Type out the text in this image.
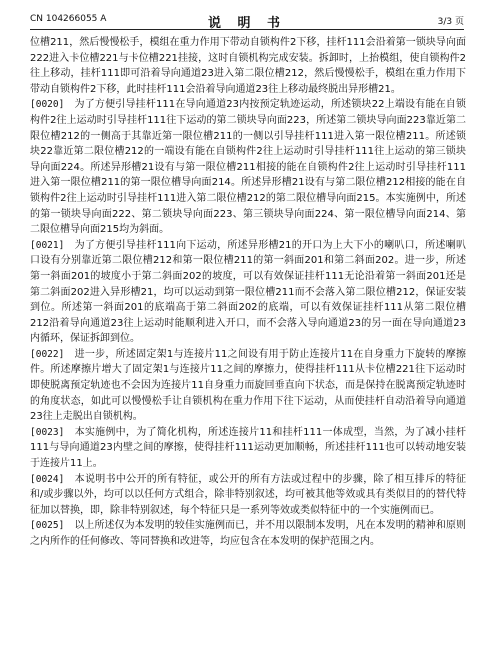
CN 104266055 A	说 明 书	3/3 页

位槽211，然后慢慢松手，模组在重力作用下带动自锁构件2下移，挂杆111会沿着第一锁块导向面222进入卡位槽221与卡位槽221挂接，这时自锁机构完成安装。拆卸时，上抬模组，使自锁构件2往上移动，挂杆111即可沿着导向通道23进入第二限位槽212，然后慢慢松手，模组在重力作用下带动自锁构件2下移，此时挂杆111会沿着导向通道23往上移动最终脱出异形槽21。

[0020] 为了方便引导挂杆111在导向通道23内按预定轨迹运动，所述锁块22上端设有能在自锁构件2往上运动时引导挂杆111往下运动的第二锁块导向面223，所述第二锁块导向面223靠近第二限位槽212的一侧高于其靠近第一限位槽211的一侧以引导挂杆111进入第一限位槽211。所述锁块22靠近第二限位槽212的一端设有能在自锁构件2往上运动时引导挂杆111往上运动的第三锁块导向面224。所述异形槽21设有与第一限位槽211相接的能在自锁构件2往上运动时引导挂杆111进入第一限位槽211的第一限位槽导向面214。所述异形槽21设有与第二限位槽212相接的能在自锁构件2往上运动时引导挂杆111进入第二限位槽212的第二限位槽导向面215。本实施例中，所述的第一锁块导向面222、第二锁块导向面223、第三锁块导向面224、第一限位槽导向面214、第二限位槽导向面215均为斜面。

[0021] 为了方便引导挂杆111向下运动，所述异形槽21的开口为上大下小的喇叭口，所述喇叭口设有分别靠近第二限位槽212和第一限位槽211的第一斜面201和第二斜面202。进一步，所述第一斜面201的坡度小于第二斜面202的坡度，可以有效保证挂杆111无论沿着第一斜面201还是第二斜面202进入异形槽21，均可以运动到第一限位槽211而不会落入第二限位槽212，保证安装到位。所述第一斜面201的底端高于第二斜面202的底端，可以有效保证挂杆111从第二限位槽212沿着导向通道23往上运动时能顺利进入开口，而不会落入导向通道23的另一面在导向通道23内循环，保证拆卸到位。

[0022] 进一步，所述固定架1与连接片11之间设有用于防止连接片11在自身重力下旋转的摩擦件。所述摩擦片增大了固定架1与连接片11之间的摩擦力，使得挂杆111从卡位槽221往下运动时即使脱离预定轨迹也不会因为连接片11自身重力而旋回垂直向下状态，而是保持在脱离预定轨迹时的角度状态，如此可以慢慢松手让自锁机构在重力作用下往下运动，从而使挂杆自动沿着导向通道23往上走脱出自锁机构。

[0023] 本实施例中，为了简化机构，所述连接片11和挂杆111一体成型，当然，为了减小挂杆111与导向通道23内壁之间的摩擦，使得挂杆111运动更加顺畅，所述挂杆111也可以转动地安装于连接片11上。

[0024] 本说明书中公开的所有特征，或公开的所有方法或过程中的步骤，除了相互排斥的特征和/或步骤以外，均可以以任何方式组合，除非特别叙述，均可被其他等效或具有类似目的的替代特征加以替换，即，除非特别叙述，每个特征只是一系列等效或类似特征中的一个实施例而已。

[0025] 以上所述仅为本发明的较佳实施例而已，并不用以限制本发明，凡在本发明的精神和原则之内所作的任何修改、等同替换和改进等，均应包含在本发明的保护范围之内。
